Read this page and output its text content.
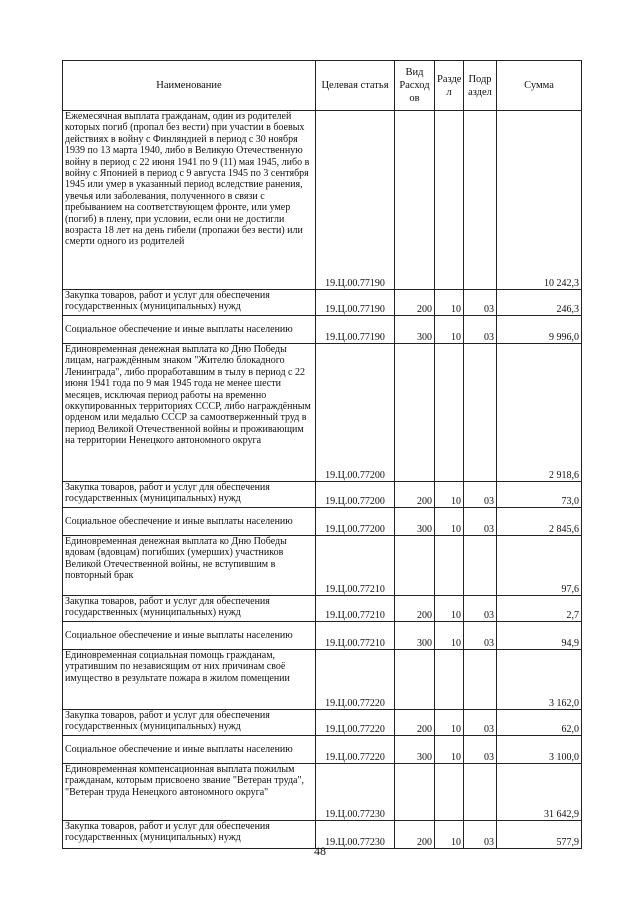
Наименование	Целевая статья	Вид Расход ов	Разде л	Подр аздел	Сумма
Ежемесячная выплата гражданам, один из родителей которых погиб (пропал без вести) при участии в боевых действиях в войну с Финляндией в период с 30 ноября 1939 по 13 марта 1940, либо в Великую Отечественную войну в период с 22 июня 1941 по 9 (11) мая 1945, либо в войну с Японией в период с 9 августа 1945 по 3 сентября 1945 или умер в указанный период вследствие ранения, увечья или заболевания, полученного в связи с пребыванием на соответствующем фронте, или умер (погиб) в плену, при условии, если они не достигли возраста 18 лет на день гибели (пропажи без вести) или смерти одного из родителей	19.Ц.00.77190				10 242,3
Закупка товаров, работ и услуг для обеспечения государственных (муниципальных) нужд	19.Ц.00.77190	200	10	03	246,3
Социальное обеспечение и иные выплаты населению	19.Ц.00.77190	300	10	03	9 996,0
Единовременная денежная выплата ко Дню Победы лицам, награждённым знаком "Жителю блокадного Ленинграда", либо проработавшим в тылу в период с 22 июня 1941 года по 9 мая 1945 года не менее шести месяцев, исключая период работы на временно оккупированных территориях СССР, либо награждённым орденом или медалью СССР за самоотверженный труд в период Великой Отечественной войны и проживающим на территории Ненецкого автономного округа	19.Ц.00.77200				2 918,6
Закупка товаров, работ и услуг для обеспечения государственных (муниципальных) нужд	19.Ц.00.77200	200	10	03	73,0
Социальное обеспечение и иные выплаты населению	19.Ц.00.77200	300	10	03	2 845,6
Единовременная денежная выплата ко Дню Победы вдовам (вдовцам) погибших (умерших) участников Великой Отечественной войны, не вступившим в повторный брак	19.Ц.00.77210				97,6
Закупка товаров, работ и услуг для обеспечения государственных (муниципальных) нужд	19.Ц.00.77210	200	10	03	2,7
Социальное обеспечение и иные выплаты населению	19.Ц.00.77210	300	10	03	94,9
Единовременная социальная помощь гражданам, утратившим по независящим от них причинам своё имущество в результате пожара в жилом помещении	19.Ц.00.77220				3 162,0
Закупка товаров, работ и услуг для обеспечения государственных (муниципальных) нужд	19.Ц.00.77220	200	10	03	62,0
Социальное обеспечение и иные выплаты населению	19.Ц.00.77220	300	10	03	3 100,0
Единовременная компенсационная выплата пожилым гражданам, которым присвоено звание "Ветеран труда", "Ветеран труда Ненецкого автономного округа"	19.Ц.00.77230				31 642,9
Закупка товаров, работ и услуг для обеспечения государственных (муниципальных) нужд	19.Ц.00.77230	200	10	03	577,9
48
